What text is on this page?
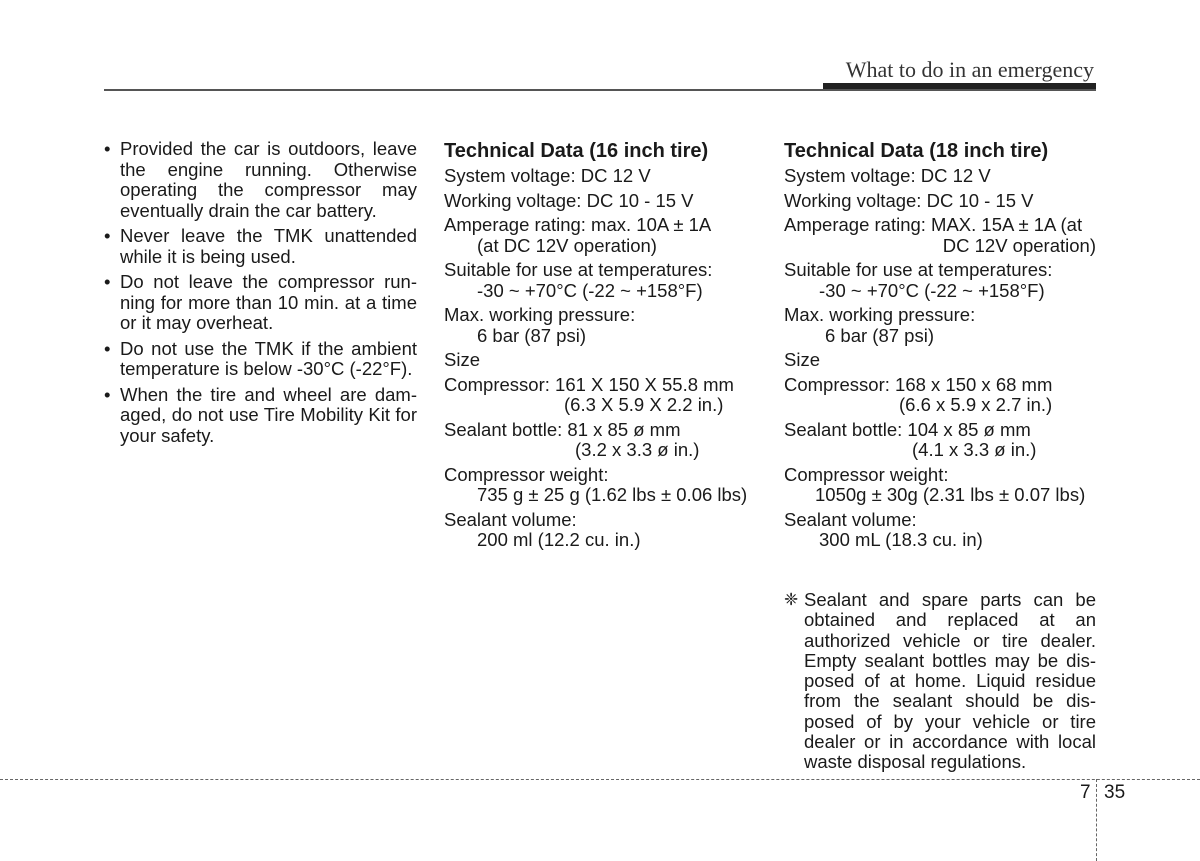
What to do in an emergency
• Provided the car is outdoors, leave the engine running. Otherwise operating the compressor may eventually drain the car battery.
• Never leave the TMK unattended while it is being used.
• Do not leave the compressor run-ning for more than 10 min. at a time or it may overheat.
• Do not use the TMK if the ambient temperature is below -30°C (-22°F).
• When the tire and wheel are dam-aged, do not use Tire Mobility Kit for your safety.
Technical Data (16 inch tire)
System voltage: DC 12 V
Working voltage: DC 10 - 15 V
Amperage rating: max. 10A ± 1A
(at DC 12V operation)
Suitable for use at temperatures:
-30 ~ +70°C (-22 ~ +158°F)
Max. working pressure:
6 bar (87 psi)
Size
Compressor: 161 X 150 X 55.8 mm
(6.3 X 5.9 X 2.2 in.)
Sealant bottle: 81 x 85 ø mm
(3.2 x 3.3 ø in.)
Compressor weight:
735 g ± 25 g (1.62 lbs ± 0.06 lbs)
Sealant volume:
200 ml (12.2 cu. in.)
Technical Data (18 inch tire)
System voltage: DC 12 V
Working voltage: DC 10 - 15 V
Amperage rating: MAX. 15A ± 1A (at
DC 12V operation)
Suitable for use at temperatures:
-30 ~ +70°C (-22 ~ +158°F)
Max. working pressure:
6 bar (87 psi)
Size
Compressor: 168 x 150 x 68 mm
(6.6 x 5.9 x 2.7 in.)
Sealant bottle: 104 x 85 ø mm
(4.1 x 3.3 ø in.)
Compressor weight:
1050g ± 30g (2.31 lbs ± 0.07 lbs)
Sealant volume:
300 mL (18.3 cu. in)
❈ Sealant and spare parts can be obtained and replaced at an authorized vehicle or tire dealer. Empty sealant bottles may be dis-posed of at home. Liquid residue from the sealant should be dis-posed of by your vehicle or tire dealer or in accordance with local waste disposal regulations.
7 35
